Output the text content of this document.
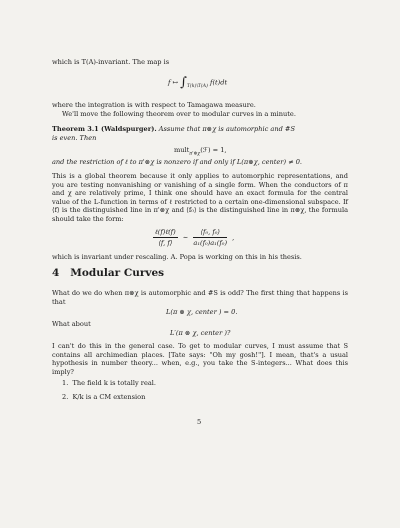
which is T(A)-invariant. The map is
f ↦ $\int_{T(k)\backslash T(A)}$ f(t)dt
where the integration is with respect to Tamagawa measure.
We'll move the following theorem over to modular curves in a minute.
Theorem 3.1 (Waldspurger). Assume that π⊗χ is automorphic and #S
is even. Then
mult$_{\pi'\otimes\chi}$(ℱ) = 1,
and the restriction of ℓ to π'⊗χ is nonzero if and only if L(π⊗χ, center) ≠ 0.
This is a global theorem because it only applies to automorphic representations, and you are testing nonvanishing or vanishing of a single form. When the conductors of π and χ are relatively prime, I think one should have an exact formula for the central value of the L-function in terms of ℓ restricted to a certain one-dimensional subspace. If ⟨f⟩ is the distinguished line in π'⊗χ and ⟨f₀⟩ is the distinguished line in π⊗χ, the formula should take the form:
$\frac{\text{ℓ(f)ℓ̄(f)}}{⟨f, f⟩}$ ∼ $\frac{\text{⟨f₀, f₀⟩}}{\text{a₁(f₀)a₁(f₀)}}$ ,
which is invariant under rescaling. A. Popa is working on this in his thesis.
4 Modular Curves
What do we do when π⊗χ is automorphic and #S is odd? The first thing that happens is that
L(π ⊗ χ, center ) = 0.
What about
L′(π ⊗ χ, center )?
I can't do this in the general case. To get to modular curves, I must assume that S contains all archimedian places. [Tate says: "Oh my gosh!"]. I mean, that's a usual hypothesis in number theory... when, e.g., you take the S-integers... What does this imply?
1. The field k is totally real.
2. K/k is a CM extension
5
